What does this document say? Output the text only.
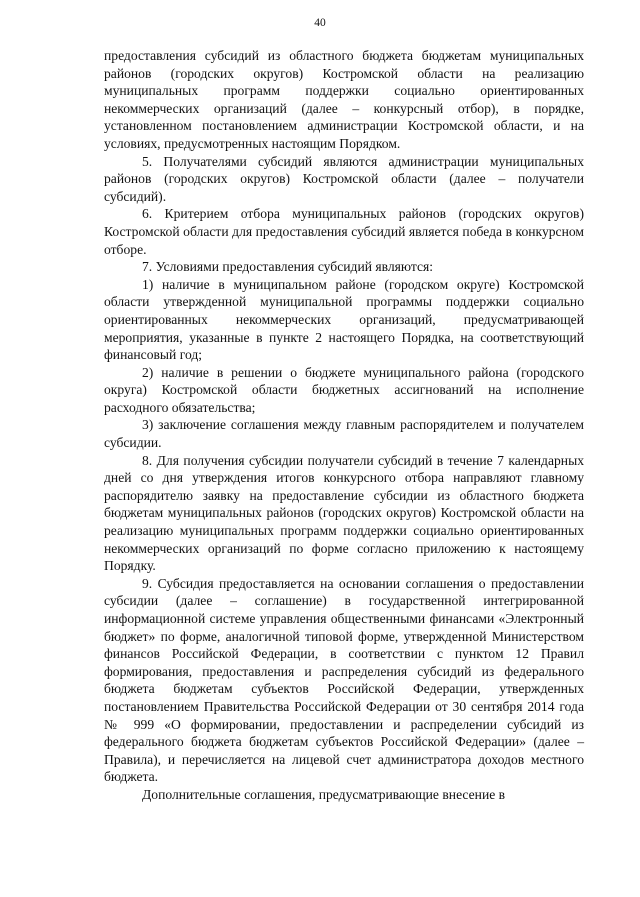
40

предоставления субсидий из областного бюджета бюджетам муниципальных районов (городских округов) Костромской области на реализацию муниципальных программ поддержки социально ориентированных некоммерческих организаций (далее – конкурсный отбор), в порядке, установленном постановлением администрации Костромской области, и на условиях, предусмотренных настоящим Порядком.

5. Получателями субсидий являются администрации муниципальных районов (городских округов) Костромской области (далее – получатели субсидий).

6. Критерием отбора муниципальных районов (городских округов) Костромской области для предоставления субсидий является победа в конкурсном отборе.

7. Условиями предоставления субсидий являются:

1) наличие в муниципальном районе (городском округе) Костромской области утвержденной муниципальной программы поддержки социально ориентированных некоммерческих организаций, предусматривающей мероприятия, указанные в пункте 2 настоящего Порядка, на соответствующий финансовый год;

2) наличие в решении о бюджете муниципального района (городского округа) Костромской области бюджетных ассигнований на исполнение расходного обязательства;

3) заключение соглашения между главным распорядителем и получателем субсидии.

8. Для получения субсидии получатели субсидий в течение 7 календарных дней со дня утверждения итогов конкурсного отбора направляют главному распорядителю заявку на предоставление субсидии из областного бюджета бюджетам муниципальных районов (городских округов) Костромской области на реализацию муниципальных программ поддержки социально ориентированных некоммерческих организаций по форме согласно приложению к настоящему Порядку.

9. Субсидия предоставляется на основании соглашения о предоставлении субсидии (далее – соглашение) в государственной интегрированной информационной системе управления общественными финансами «Электронный бюджет» по форме, аналогичной типовой форме, утвержденной Министерством финансов Российской Федерации, в соответствии с пунктом 12 Правил формирования, предоставления и распределения субсидий из федерального бюджета бюджетам субъектов Российской Федерации, утвержденных постановлением Правительства Российской Федерации от 30 сентября 2014 года № 999 «О формировании, предоставлении и распределении субсидий из федерального бюджета бюджетам субъектов Российской Федерации» (далее – Правила), и перечисляется на лицевой счет администратора доходов местного бюджета.

Дополнительные соглашения, предусматривающие внесение в
